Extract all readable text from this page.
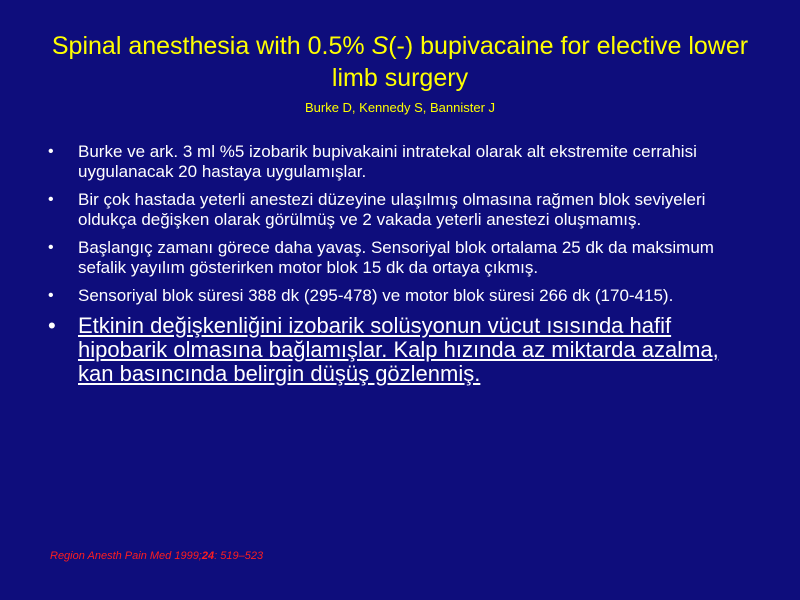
Spinal anesthesia with 0.5% S(-) bupivacaine for elective lower limb surgery
Burke D, Kennedy S, Bannister J
• Burke ve ark. 3 ml %5 izobarik bupivakaini intratekal olarak alt ekstremite cerrahisi uygulanacak 20 hastaya uygulamışlar.
• Bir çok hastada yeterli anestezi düzeyine ulaşılmış olmasına rağmen blok seviyeleri oldukça değişken olarak görülmüş ve 2 vakada yeterli anestezi oluşmamış.
• Başlangıç zamanı görece daha yavaş. Sensoriyal blok ortalama 25 dk da maksimum sefalik yayılım gösterirken motor blok 15 dk da ortaya çıkmış.
• Sensoriyal blok süresi 388 dk (295-478) ve motor blok süresi 266 dk (170-415).
• Etkinin değişkenliğini izobarik solüsyonun vücut ısısında hafif hipobarik olmasına bağlamışlar. Kalp hızında az miktarda azalma, kan basıncında belirgin düşüş gözlenmiş.
Region Anesth Pain Med 1999;24: 519–523
